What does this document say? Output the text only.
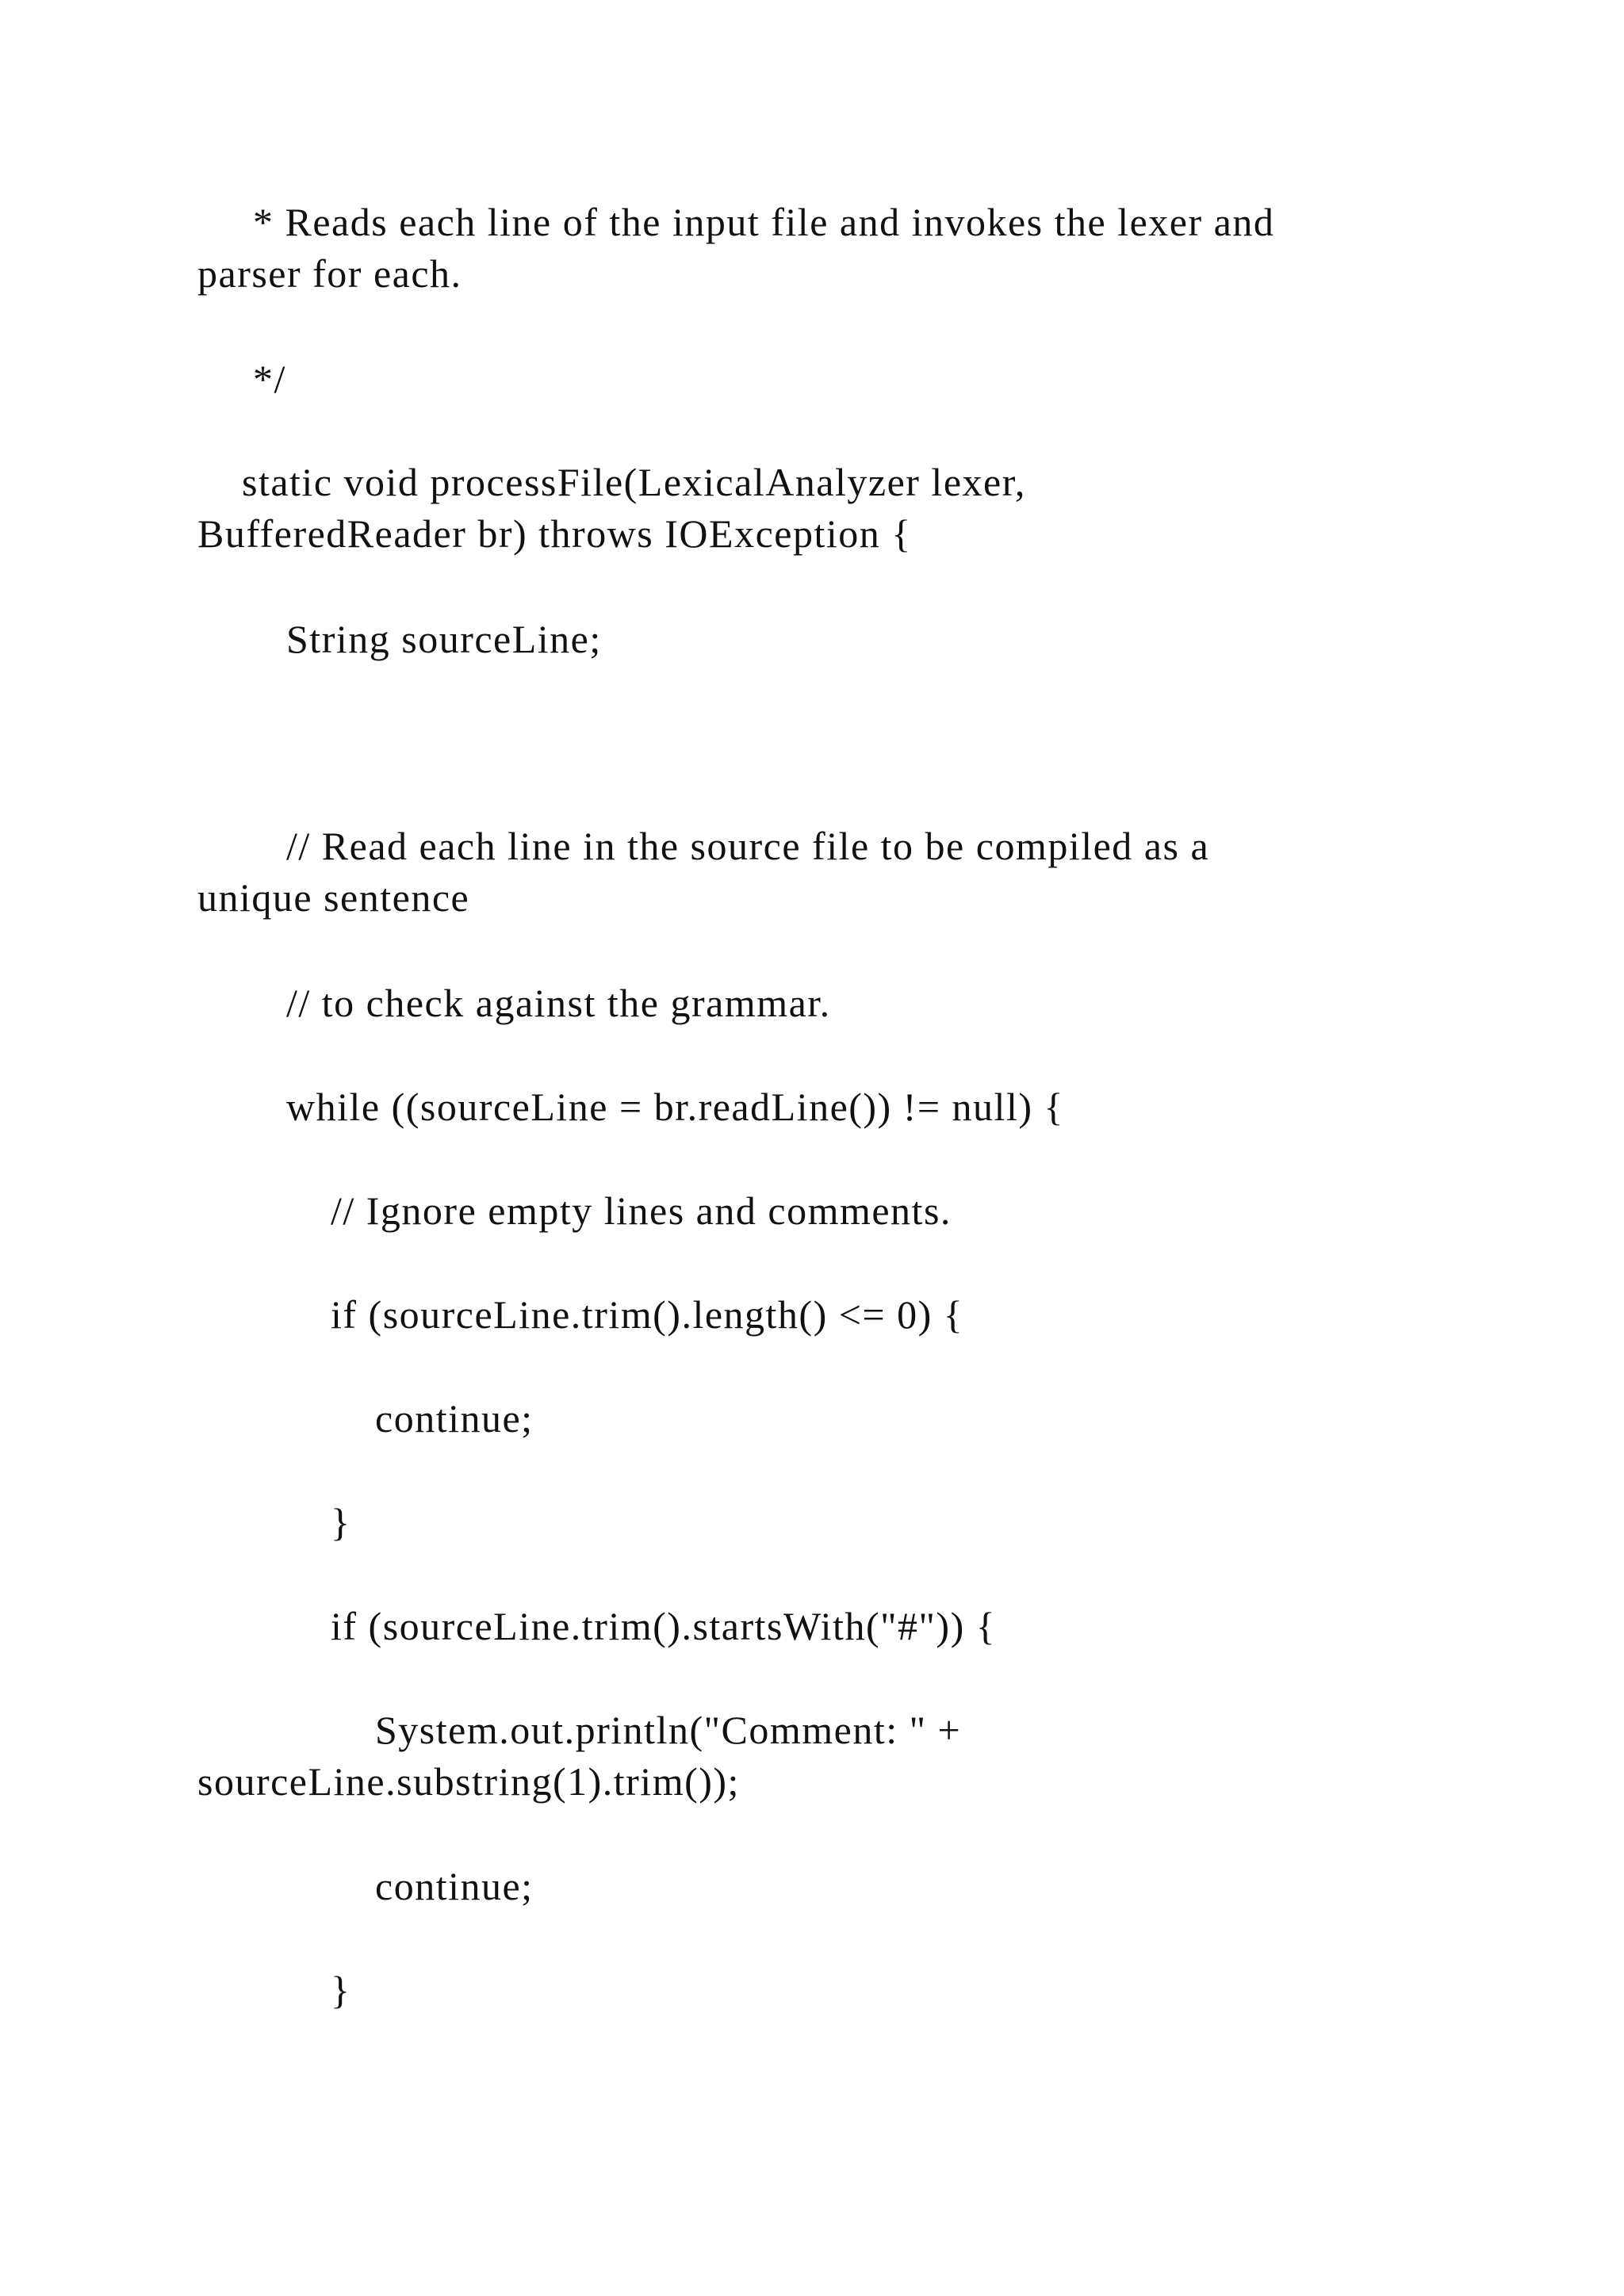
* Reads each line of the input file and invokes the lexer and
parser for each.

*/

static void processFile(LexicalAnalyzer lexer,
BufferedReader br) throws IOException {

String sourceLine;

// Read each line in the source file to be compiled as a
unique sentence

// to check against the grammar.

while ((sourceLine = br.readLine()) != null) {

// Ignore empty lines and comments.

if (sourceLine.trim().length() <= 0) {

continue;

}

if (sourceLine.trim().startsWith("#")) {

System.out.println("Comment: " +
sourceLine.substring(1).trim());

continue;

}
